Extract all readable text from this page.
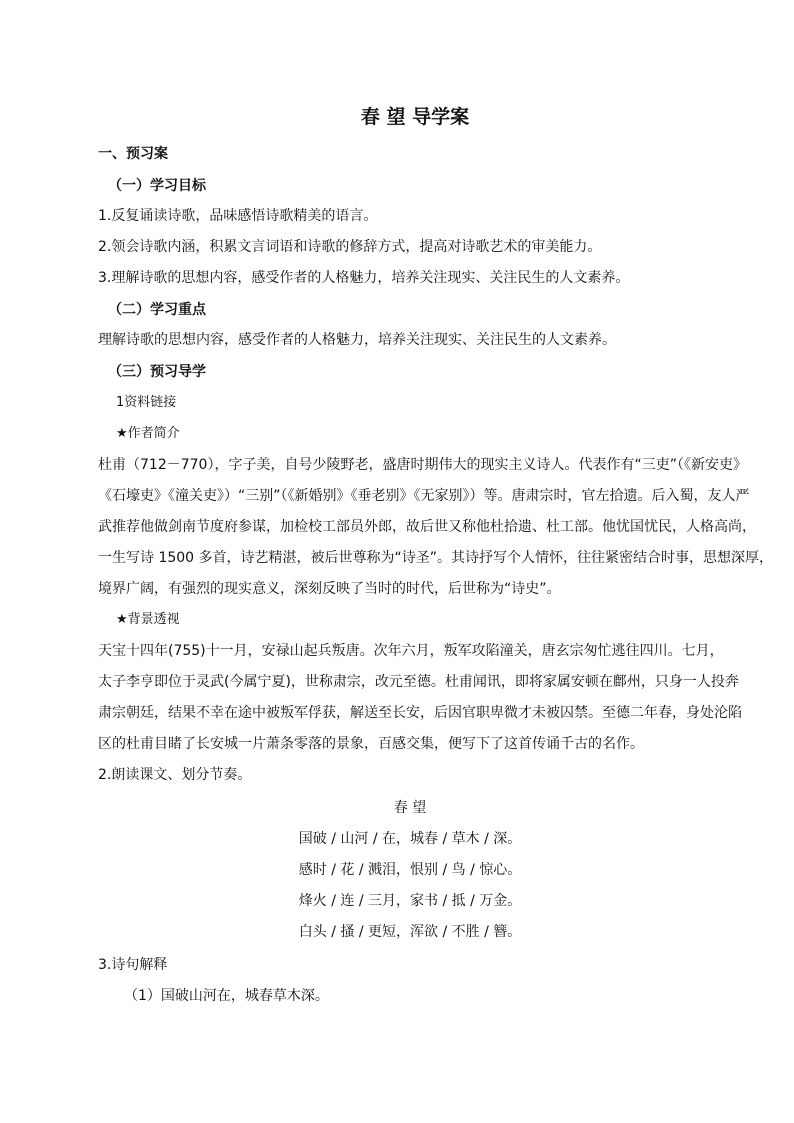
春 望 导学案
一、预习案
（一）学习目标
1.反复诵读诗歌，品味感悟诗歌精美的语言。
2.领会诗歌内涵，积累文言词语和诗歌的修辞方式，提高对诗歌艺术的审美能力。
3.理解诗歌的思想内容，感受作者的人格魅力，培养关注现实、关注民生的人文素养。
（二）学习重点
理解诗歌的思想内容，感受作者的人格魅力，培养关注现实、关注民生的人文素养。
（三）预习导学
1资料链接
★作者简介
杜甫（712－770），字子美，自号少陵野老，盛唐时期伟大的现实主义诗人。代表作有“三吏”（《新安吏》
《石壕吏》《潼关吏》）“三别”（《新婚别》《垂老别》《无家别》）等。唐肃宗时，官左拾遗。后入蜀，友人严
武推荐他做剑南节度府参谋，加检校工部员外郎，故后世又称他杜拾遗、杜工部。他忧国忧民，人格高尚，
一生写诗 1500 多首，诗艺精湛，被后世尊称为“诗圣”。其诗抒写个人情怀，往往紧密结合时事，思想深厚，
境界广阔，有强烈的现实意义，深刻反映了当时的时代，后世称为“诗史”。
★背景透视
天宝十四年(755)十一月，安禄山起兵叛唐。次年六月，叛军攻陷潼关，唐玄宗匆忙逃往四川。七月，
太子李亨即位于灵武(今属宁夏)，世称肃宗，改元至德。杜甫闻讯，即将家属安顿在鄜州，只身一人投奔
肃宗朝廷，结果不幸在途中被叛军俘获，解送至长安，后因官职卑微才未被囚禁。至德二年春，身处沦陷
区的杜甫目睹了长安城一片萧条零落的景象，百感交集，便写下了这首传诵千古的名作。
2.朗读课文、划分节奏。
春 望
国破 / 山河 / 在，城春 / 草木 / 深。
感时 / 花 / 溅泪，恨别 / 鸟 / 惊心。
烽火 / 连 / 三月，家书 / 抵 / 万金。
白头 / 搔 / 更短，浑欲 / 不胜 / 簪。
3.诗句解释
（1）国破山河在，城春草木深。
